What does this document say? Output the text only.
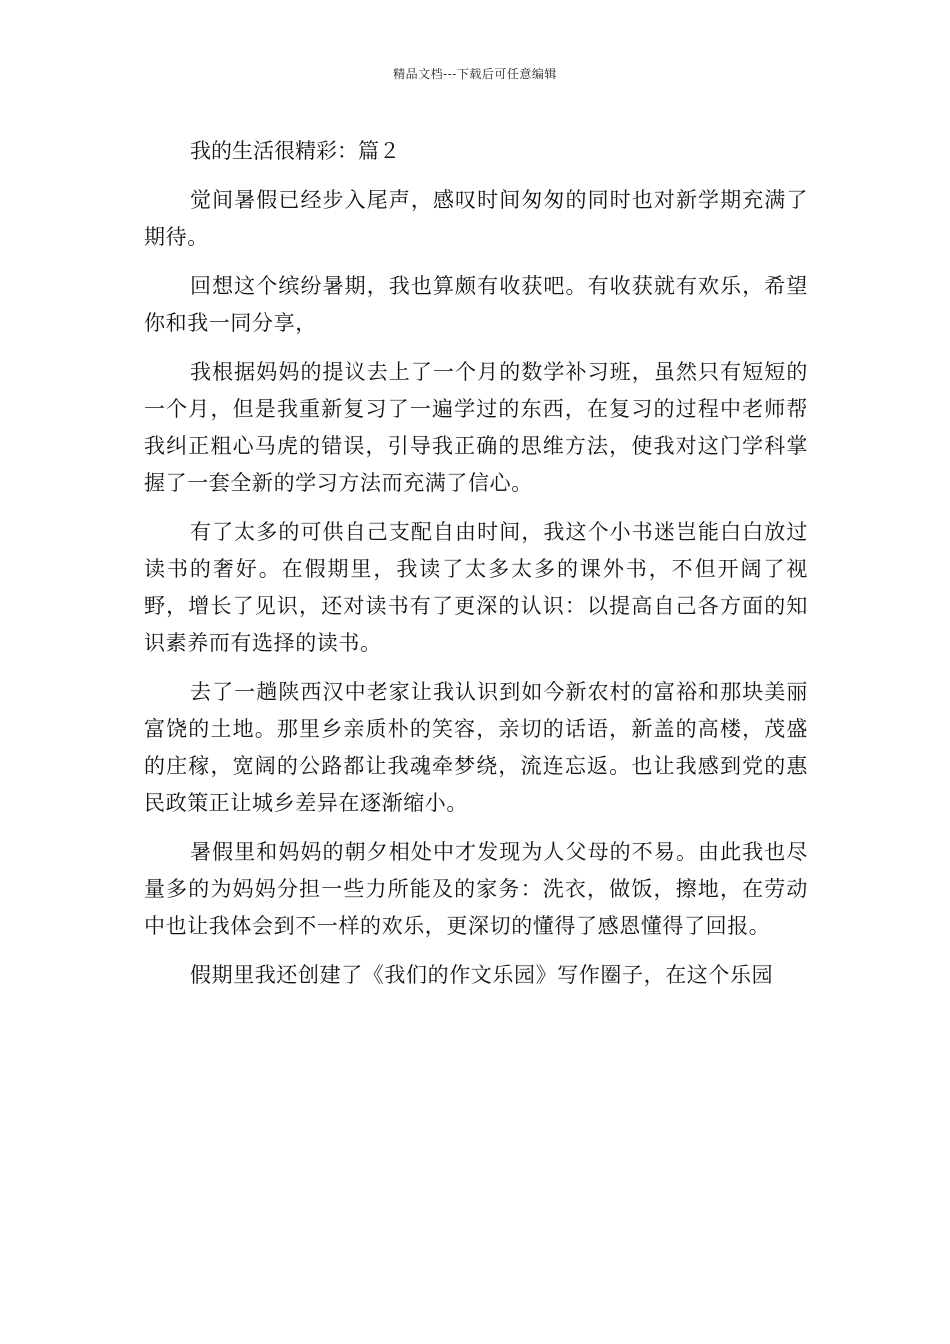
精品文档---下载后可任意编辑
我的生活很精彩：篇２

觉间暑假已经步入尾声，感叹时间匆匆的同时也对新学期充满了期待。

回想这个缤纷暑期，我也算颇有收获吧。有收获就有欢乐，希望你和我一同分享，

我根据妈妈的提议去上了一个月的数学补习班，虽然只有短短的一个月，但是我重新复习了一遍学过的东西，在复习的过程中老师帮我纠正粗心马虎的错误，引导我正确的思维方法，使我对这门学科掌握了一套全新的学习方法而充满了信心。

有了太多的可供自己支配自由时间，我这个小书迷岂能白白放过读书的奢好。在假期里，我读了太多太多的课外书，不但开阔了视野，增长了见识，还对读书有了更深的认识：以提高自己各方面的知识素养而有选择的读书。

去了一趟陕西汉中老家让我认识到如今新农村的富裕和那块美丽富饶的土地。那里乡亲质朴的笑容，亲切的话语，新盖的高楼，茂盛的庄稼，宽阔的公路都让我魂牵梦绕，流连忘返。也让我感到党的惠民政策正让城乡差异在逐渐缩小。

暑假里和妈妈的朝夕相处中才发现为人父母的不易。由此我也尽量多的为妈妈分担一些力所能及的家务：洗衣，做饭，擦地，在劳动中也让我体会到不一样的欢乐，更深切的懂得了感恩懂得了回报。

假期里我还创建了《我们的作文乐园》写作圈子，在这个乐园
